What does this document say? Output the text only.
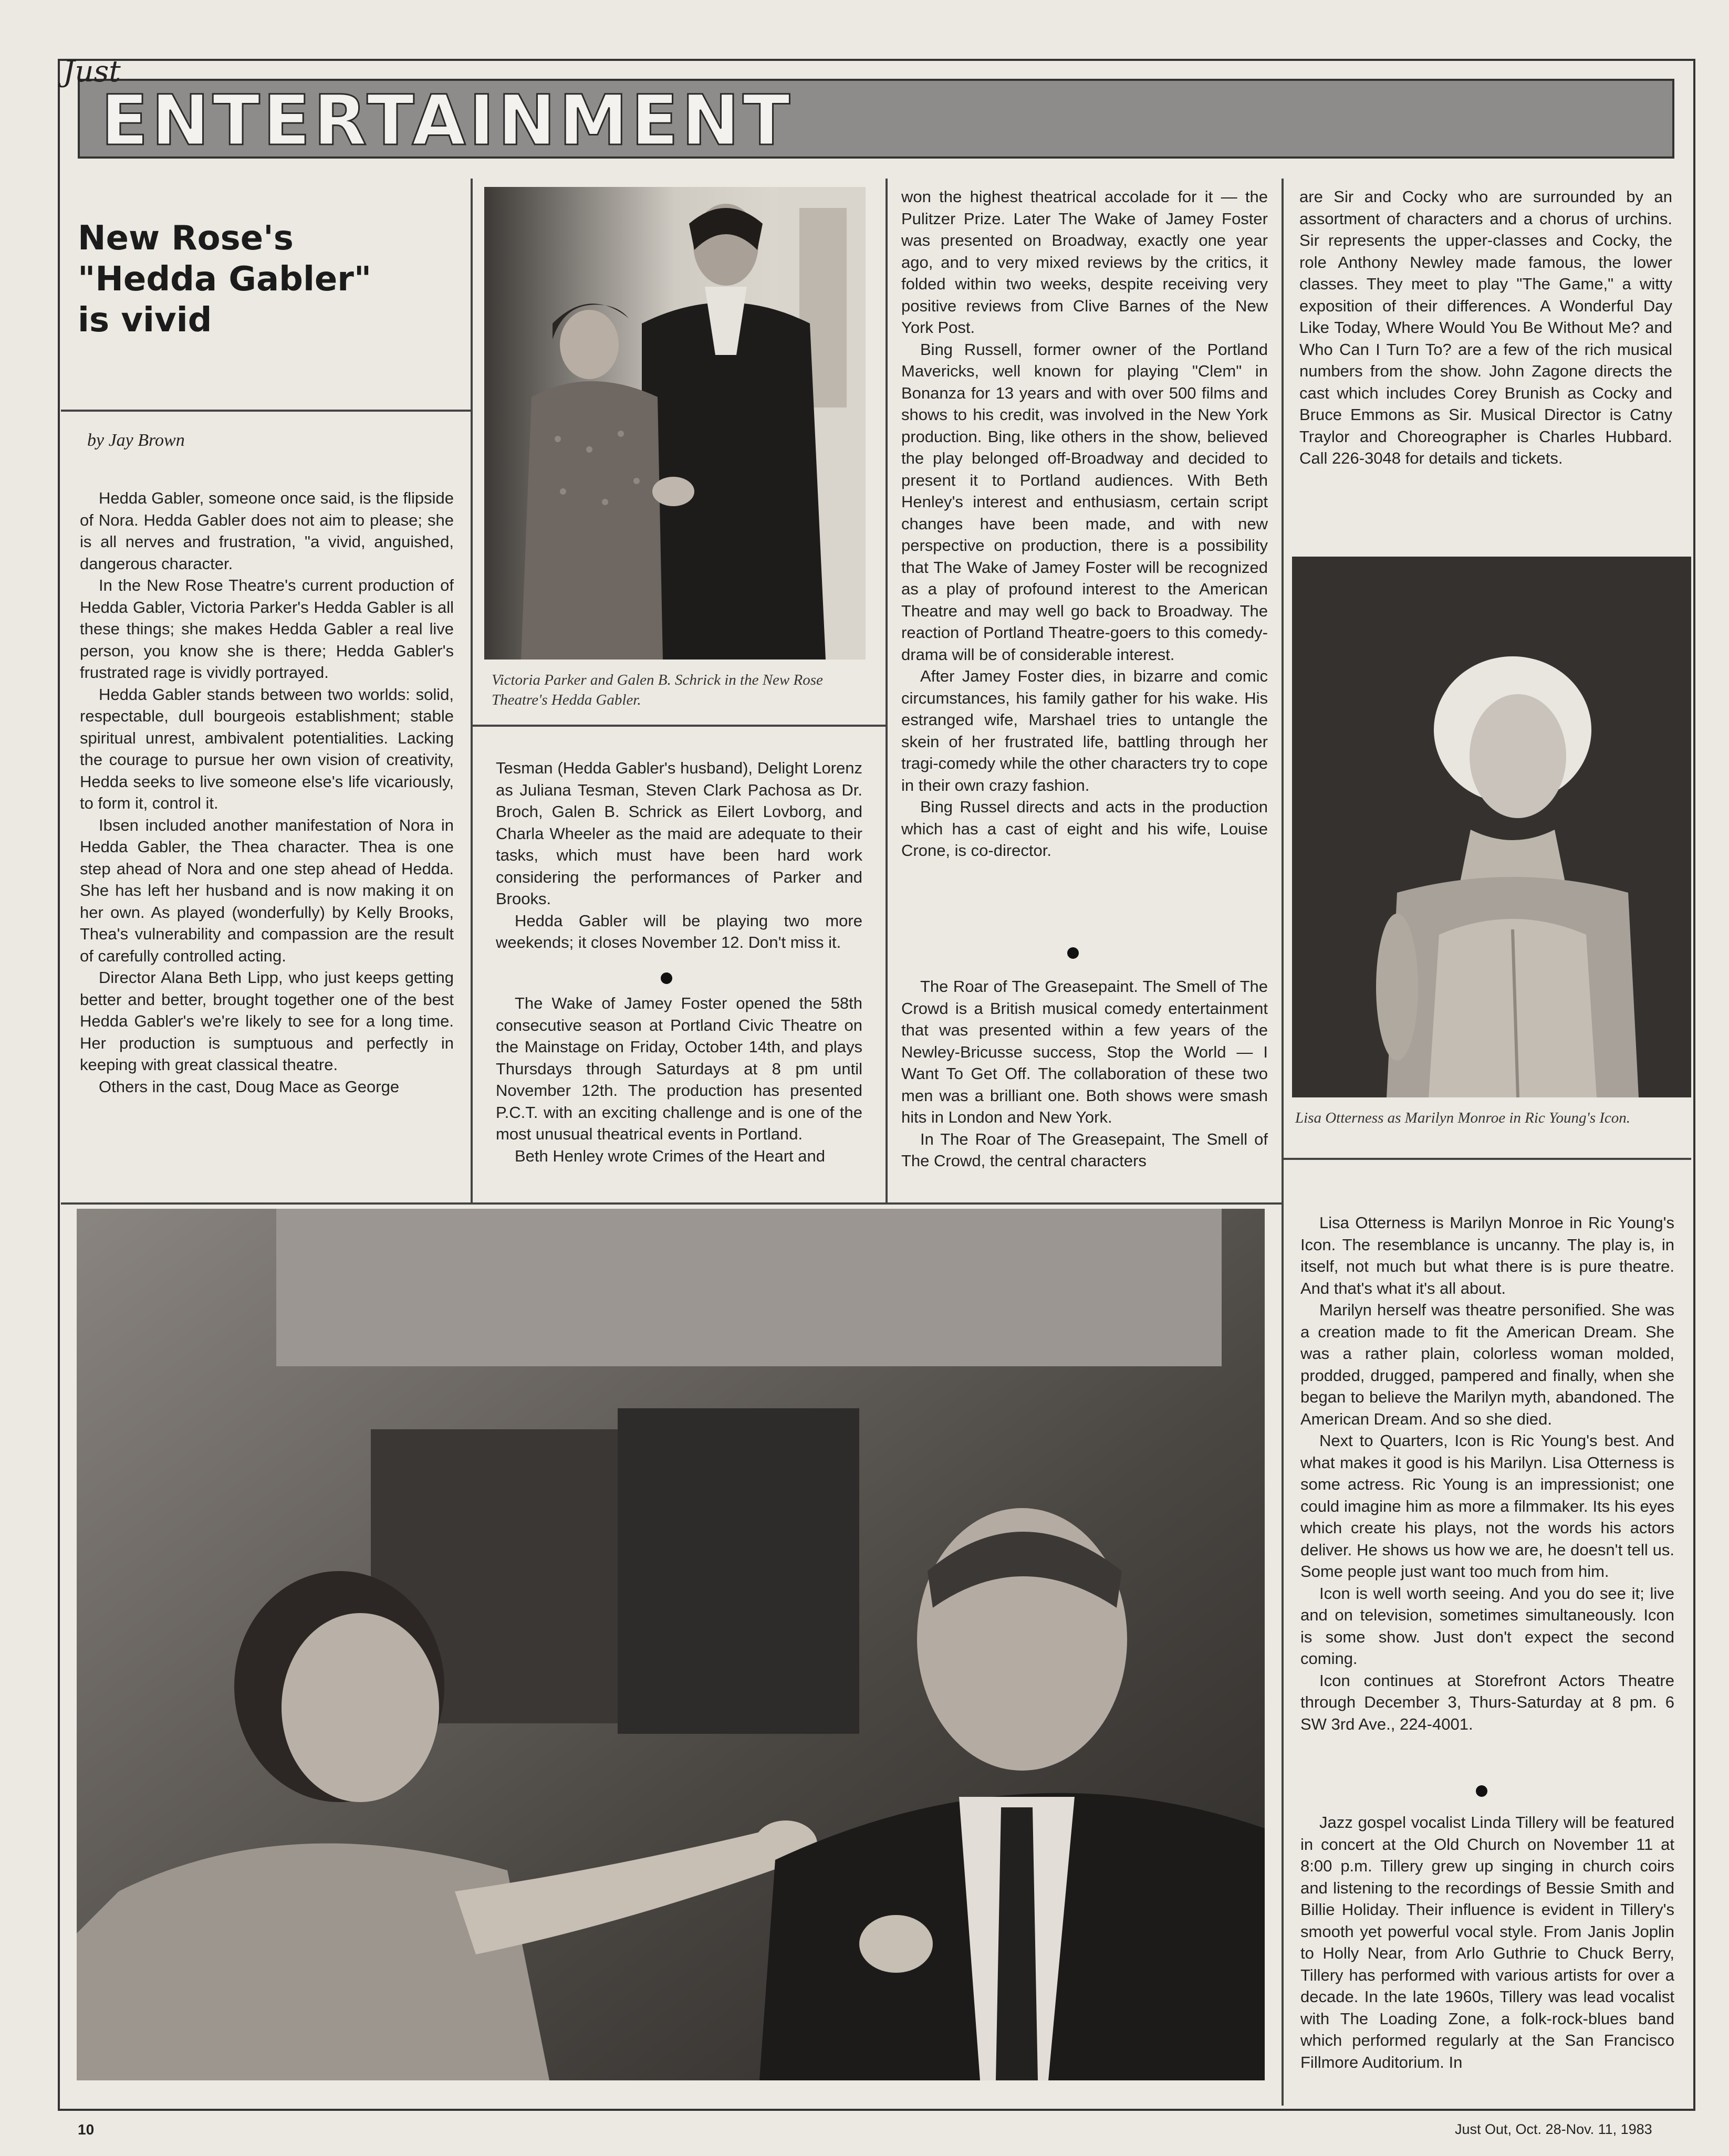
ENTERTAINMENT
Just
New Rose's "Hedda Gabler" is vivid
by Jay Brown

Hedda Gabler, someone once said, is the flipside of Nora. Hedda Gabler does not aim to please; she is all nerves and frustration, "a vivid, anguished, dangerous character.

In the New Rose Theatre's current production of Hedda Gabler, Victoria Parker's Hedda Gabler is all these things; she makes Hedda Gabler a real live person, you know she is there; Hedda Gabler's frustrated rage is vividly portrayed.

Hedda Gabler stands between two worlds: solid, respectable, dull bourgeois establishment; stable spiritual unrest, ambivalent potentialities. Lacking the courage to pursue her own vision of creativity, Hedda seeks to live someone else's life vicariously, to form it, control it.

Ibsen included another manifestation of Nora in Hedda Gabler, the Thea character. Thea is one step ahead of Nora and one step ahead of Hedda. She has left her husband and is now making it on her own. As played (wonderfully) by Kelly Brooks, Thea's vulnerability and compassion are the result of carefully controlled acting.

Director Alana Beth Lipp, who just keeps getting better and better, brought together one of the best Hedda Gabler's we're likely to see for a long time. Her production is sumptuous and perfectly in keeping with great classical theatre.

Others in the cast, Doug Mace as George

Victoria Parker and Galen B. Schrick in the New Rose Theatre's Hedda Gabler.

Tesman (Hedda Gabler's husband), Delight Lorenz as Juliana Tesman, Steven Clark Pachosa as Dr. Broch, Galen B. Schrick as Eilert Lovborg, and Charla Wheeler as the maid are adequate to their tasks, which must have been hard work considering the performances of Parker and Brooks.

Hedda Gabler will be playing two more weekends; it closes November 12. Don't miss it.

The Wake of Jamey Foster opened the 58th consecutive season at Portland Civic Theatre on the Mainstage on Friday, October 14th, and plays Thursdays through Saturdays at 8 pm until November 12th. The production has presented P.C.T. with an exciting challenge and is one of the most unusual theatrical events in Portland.

Beth Henley wrote Crimes of the Heart and

won the highest theatrical accolade for it — the Pulitzer Prize. Later The Wake of Jamey Foster was presented on Broadway, exactly one year ago, and to very mixed reviews by the critics, it folded within two weeks, despite receiving very positive reviews from Clive Barnes of the New York Post.

Bing Russell, former owner of the Portland Mavericks, well known for playing "Clem" in Bonanza for 13 years and with over 500 films and shows to his credit, was involved in the New York production. Bing, like others in the show, believed the play belonged off-Broadway and decided to present it to Portland audiences. With Beth Henley's interest and enthusiasm, certain script changes have been made, and with new perspective on production, there is a possibility that The Wake of Jamey Foster will be recognized as a play of profound interest to the American Theatre and may well go back to Broadway. The reaction of Portland Theatre-goers to this comedy-drama will be of considerable interest.

After Jamey Foster dies, in bizarre and comic circumstances, his family gather for his wake. His estranged wife, Marshael tries to untangle the skein of her frustrated life, battling through her tragi-comedy while the other characters try to cope in their own crazy fashion.

Bing Russel directs and acts in the production which has a cast of eight and his wife, Louise Crone, is co-director.

The Roar of The Greasepaint. The Smell of The Crowd is a British musical comedy entertainment that was presented within a few years of the Newley-Bricusse success, Stop the World — I Want To Get Off. The collaboration of these two men was a brilliant one. Both shows were smash hits in London and New York.

In The Roar of The Greasepaint, The Smell of The Crowd, the central characters

are Sir and Cocky who are surrounded by an assortment of characters and a chorus of urchins. Sir represents the upper-classes and Cocky, the role Anthony Newley made famous, the lower classes. They meet to play "The Game," a witty exposition of their differences. A Wonderful Day Like Today, Where Would You Be Without Me? and Who Can I Turn To? are a few of the rich musical numbers from the show. John Zagone directs the cast which includes Corey Brunish as Cocky and Bruce Emmons as Sir. Musical Director is Catny Traylor and Choreographer is Charles Hubbard. Call 226-3048 for details and tickets.

Lisa Otterness as Marilyn Monroe in Ric Young's Icon.

Lisa Otterness is Marilyn Monroe in Ric Young's Icon. The resemblance is uncanny. The play is, in itself, not much but what there is is pure theatre. And that's what it's all about.

Marilyn herself was theatre personified. She was a creation made to fit the American Dream. She was a rather plain, colorless woman molded, prodded, drugged, pampered and finally, when she began to believe the Marilyn myth, abandoned. The American Dream. And so she died.

Next to Quarters, Icon is Ric Young's best. And what makes it good is his Marilyn. Lisa Otterness is some actress. Ric Young is an impressionist; one could imagine him as more a filmmaker. Its his eyes which create his plays, not the words his actors deliver. He shows us how we are, he doesn't tell us. Some people just want too much from him.

Icon is well worth seeing. And you do see it; live and on television, sometimes simultaneously. Icon is some show. Just don't expect the second coming.

Icon continues at Storefront Actors Theatre through December 3, Thurs-Saturday at 8 pm. 6 SW 3rd Ave., 224-4001.

Jazz gospel vocalist Linda Tillery will be featured in concert at the Old Church on November 11 at 8:00 p.m. Tillery grew up singing in church coirs and listening to the recordings of Bessie Smith and Billie Holiday. Their influence is evident in Tillery's smooth yet powerful vocal style. From Janis Joplin to Holly Near, from Arlo Guthrie to Chuck Berry, Tillery has performed with various artists for over a decade. In the late 1960s, Tillery was lead vocalist with The Loading Zone, a folk-rock-blues band which performed regularly at the San Francisco Fillmore Auditorium. In

10	Just Out, Oct. 28-Nov. 11, 1983
